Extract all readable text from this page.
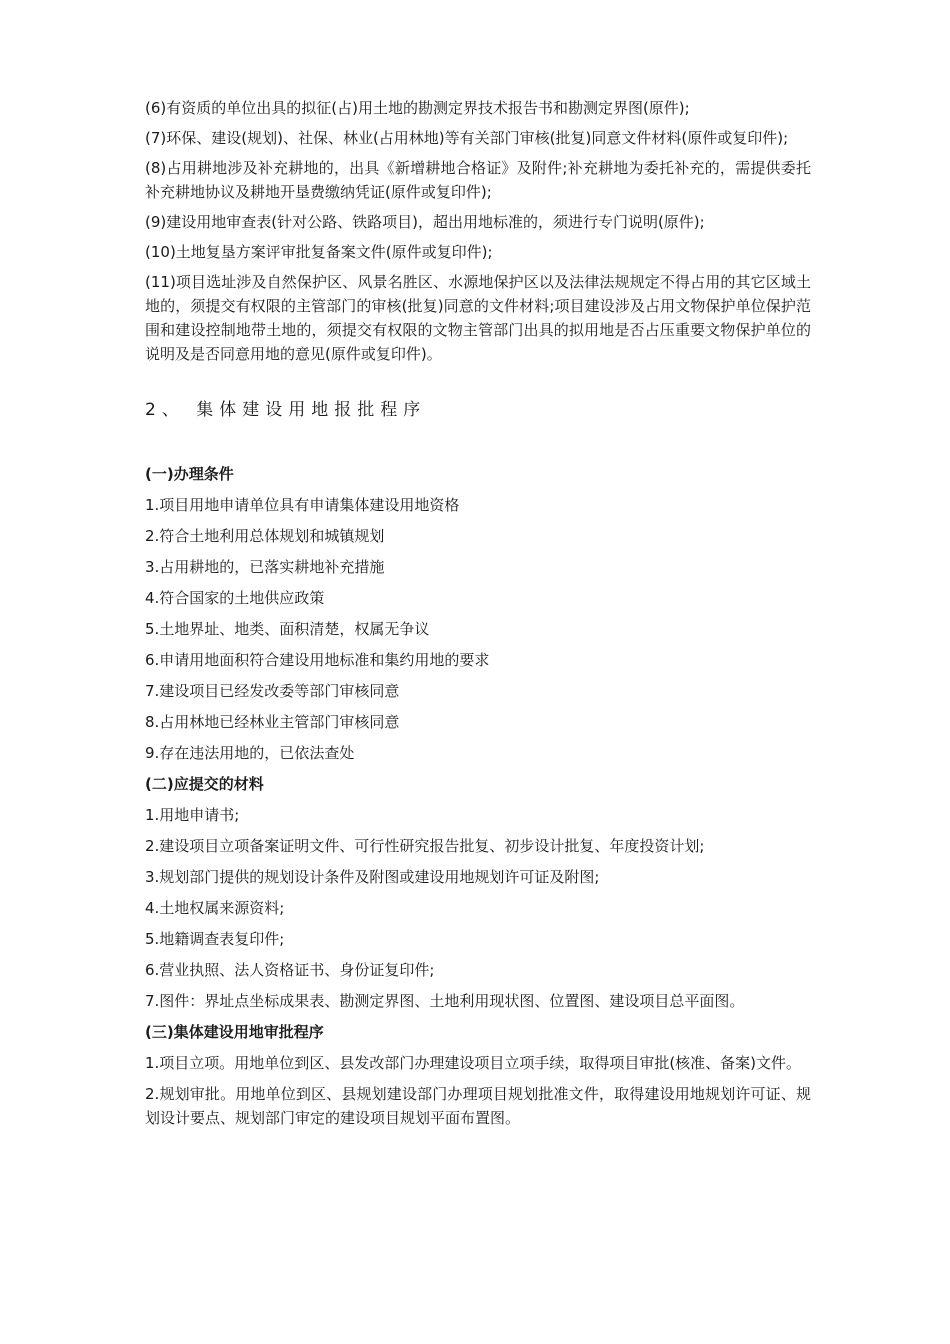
(6)有资质的单位出具的拟征(占)用土地的勘测定界技术报告书和勘测定界图(原件);

(7)环保、建设(规划)、社保、林业(占用林地)等有关部门审核(批复)同意文件材料(原件或复印件);

(8)占用耕地涉及补充耕地的，出具《新增耕地合格证》及附件;补充耕地为委托补充的，需提供委托补充耕地协议及耕地开垦费缴纳凭证(原件或复印件);

(9)建设用地审查表(针对公路、铁路项目)，超出用地标准的，须进行专门说明(原件);

(10)土地复垦方案评审批复备案文件(原件或复印件);

(11)项目选址涉及自然保护区、风景名胜区、水源地保护区以及法律法规规定不得占用的其它区域土地的，须提交有权限的主管部门的审核(批复)同意的文件材料;项目建设涉及占用文物保护单位保护范围和建设控制地带土地的，须提交有权限的文物主管部门出具的拟用地是否占压重要文物保护单位的说明及是否同意用地的意见(原件或复印件)。

2、 集体建设用地报批程序
(一)办理条件
1.项目用地申请单位具有申请集体建设用地资格
2.符合土地利用总体规划和城镇规划
3.占用耕地的，已落实耕地补充措施
4.符合国家的土地供应政策
5.土地界址、地类、面积清楚，权属无争议
6.申请用地面积符合建设用地标准和集约用地的要求
7.建设项目已经发改委等部门审核同意
8.占用林地已经林业主管部门审核同意
9.存在违法用地的，已依法查处
(二)应提交的材料
1.用地申请书;
2.建设项目立项备案证明文件、可行性研究报告批复、初步设计批复、年度投资计划;
3.规划部门提供的规划设计条件及附图或建设用地规划许可证及附图;
4.土地权属来源资料;
5.地籍调查表复印件;
6.营业执照、法人资格证书、身份证复印件;
7.图件：界址点坐标成果表、勘测定界图、土地利用现状图、位置图、建设项目总平面图。
(三)集体建设用地审批程序
1.项目立项。用地单位到区、县发改部门办理建设项目立项手续，取得项目审批(核准、备案)文件。
2.规划审批。用地单位到区、县规划建设部门办理项目规划批准文件，取得建设用地规划许可证、规划设计要点、规划部门审定的建设项目规划平面布置图。
